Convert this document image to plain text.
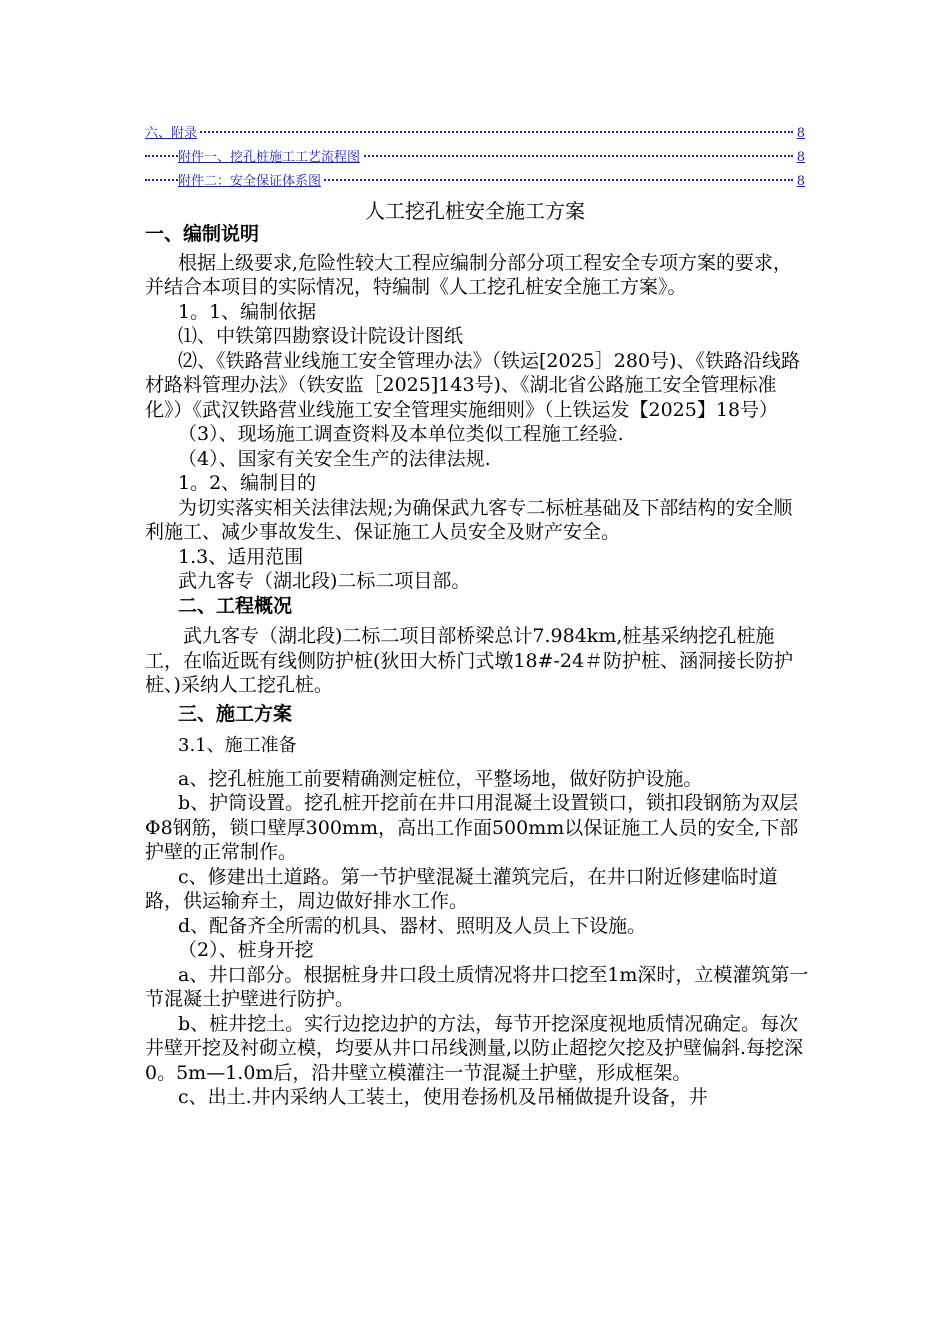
六、附录	8
附件一、挖孔桩施工工艺流程图	8
附件二：安全保证体系图	8
人工挖孔桩安全施工方案

一、编制说明

根据上级要求,危险性较大工程应编制分部分项工程安全专项方案的要求，并结合本项目的实际情况，特编制《人工挖孔桩安全施工方案》。

1。1、编制依据

⑴、中铁第四勘察设计院设计图纸

⑵、《铁路营业线施工安全管理办法》（铁运[2025］280号)、《铁路沿线路材路料管理办法》（铁安监［2025]143号)、《湖北省公路施工安全管理标准化》）《武汉铁路营业线施工安全管理实施细则》（上铁运发【2025】18号）

（3）、现场施工调查资料及本单位类似工程施工经验.

（4）、国家有关安全生产的法律法规.

1。2、编制目的

为切实落实相关法律法规;为确保武九客专二标桩基础及下部结构的安全顺利施工、减少事故发生、保证施工人员安全及财产安全。

1.3、适用范围

武九客专（湖北段)二标二项目部。

二、工程概况

武九客专（湖北段)二标二项目部桥梁总计7.984km,桩基采纳挖孔桩施工，在临近既有线侧防护桩(狄田大桥门式墩18#-24＃防护桩、涵洞接长防护桩、)采纳人工挖孔桩。

三、施工方案

3.1、施工准备

a、挖孔桩施工前要精确测定桩位，平整场地，做好防护设施。

b、护筒设置。挖孔桩开挖前在井口用混凝土设置锁口，锁扣段钢筋为双层Φ8钢筋，锁口壁厚300mm，高出工作面500mm以保证施工人员的安全,下部护壁的正常制作。

c、修建出土道路。第一节护壁混凝土灌筑完后，在井口附近修建临时道路，供运输弃土，周边做好排水工作。

d、配备齐全所需的机具、器材、照明及人员上下设施。

（2）、桩身开挖

a、井口部分。根据桩身井口段土质情况将井口挖至1m深时，立模灌筑第一节混凝土护壁进行防护。

b、桩井挖土。实行边挖边护的方法，每节开挖深度视地质情况确定。每次井壁开挖及衬砌立模，均要从井口吊线测量,以防止超挖欠挖及护壁偏斜.每挖深0。5m—1.0m后，沿井壁立模灌注一节混凝土护壁，形成框架。

c、出土.井内采纳人工装土，使用卷扬机及吊桶做提升设备，井
